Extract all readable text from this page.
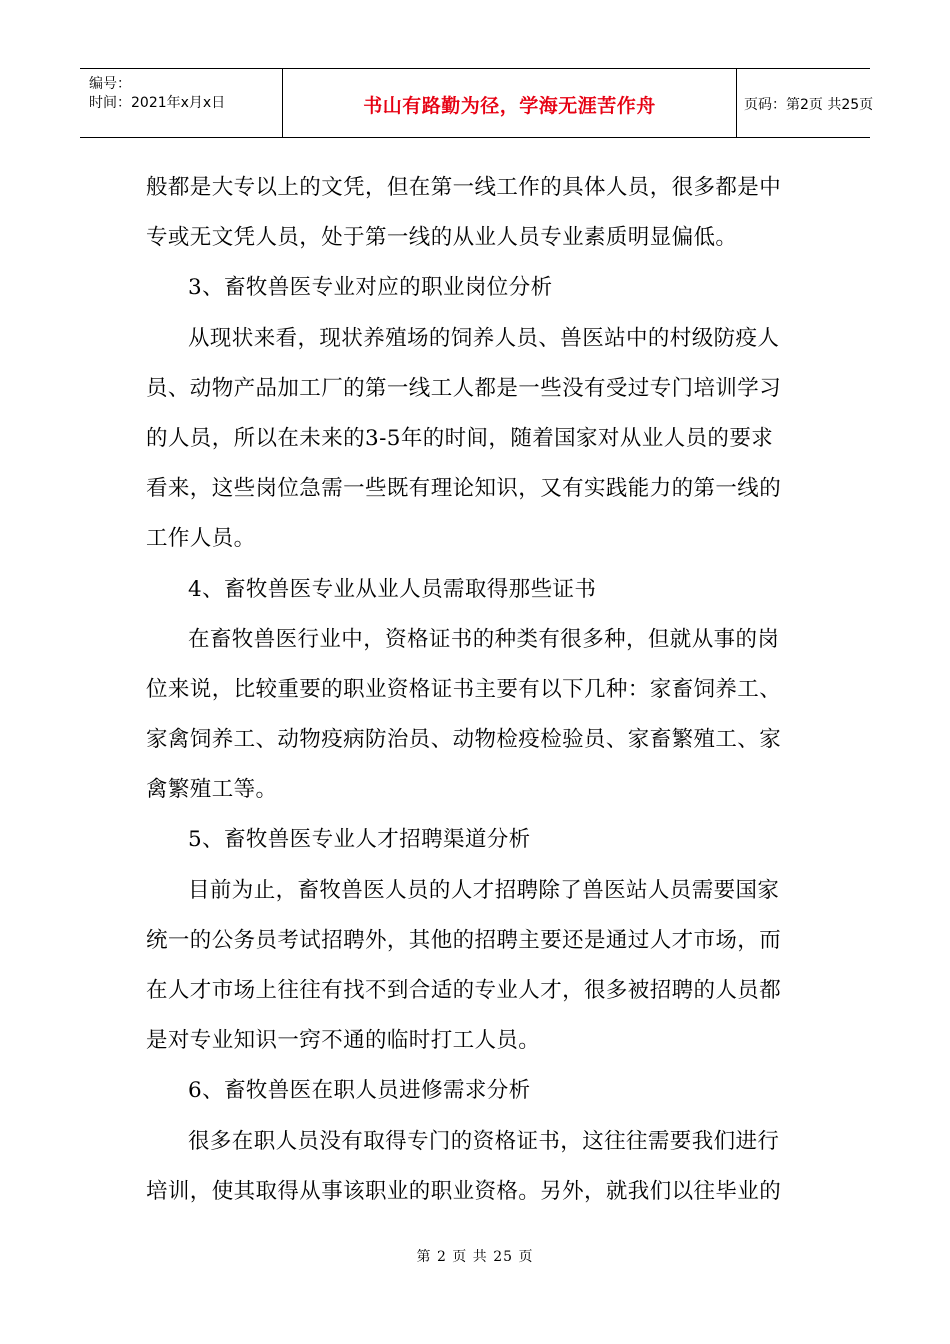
编号：
时间：2021年x月x日	书山有路勤为径，学海无涯苦作舟	页码：第2页 共25页
般都是大专以上的文凭，但在第一线工作的具体人员，很多都是中
专或无文凭人员，处于第一线的从业人员专业素质明显偏低。
3、畜牧兽医专业对应的职业岗位分析
从现状来看，现状养殖场的饲养人员、兽医站中的村级防疫人
员、动物产品加工厂的第一线工人都是一些没有受过专门培训学习
的人员，所以在未来的3-5年的时间，随着国家对从业人员的要求
看来，这些岗位急需一些既有理论知识，又有实践能力的第一线的
工作人员。
4、畜牧兽医专业从业人员需取得那些证书
在畜牧兽医行业中，资格证书的种类有很多种，但就从事的岗
位来说，比较重要的职业资格证书主要有以下几种：家畜饲养工、
家禽饲养工、动物疫病防治员、动物检疫检验员、家畜繁殖工、家
禽繁殖工等。
5、畜牧兽医专业人才招聘渠道分析
目前为止，畜牧兽医人员的人才招聘除了兽医站人员需要国家
统一的公务员考试招聘外，其他的招聘主要还是通过人才市场，而
在人才市场上往往有找不到合适的专业人才，很多被招聘的人员都
是对专业知识一窍不通的临时打工人员。
6、畜牧兽医在职人员进修需求分析
很多在职人员没有取得专门的资格证书，这往往需要我们进行
培训，使其取得从事该职业的职业资格。另外，就我们以往毕业的
第 2 页 共 25 页
